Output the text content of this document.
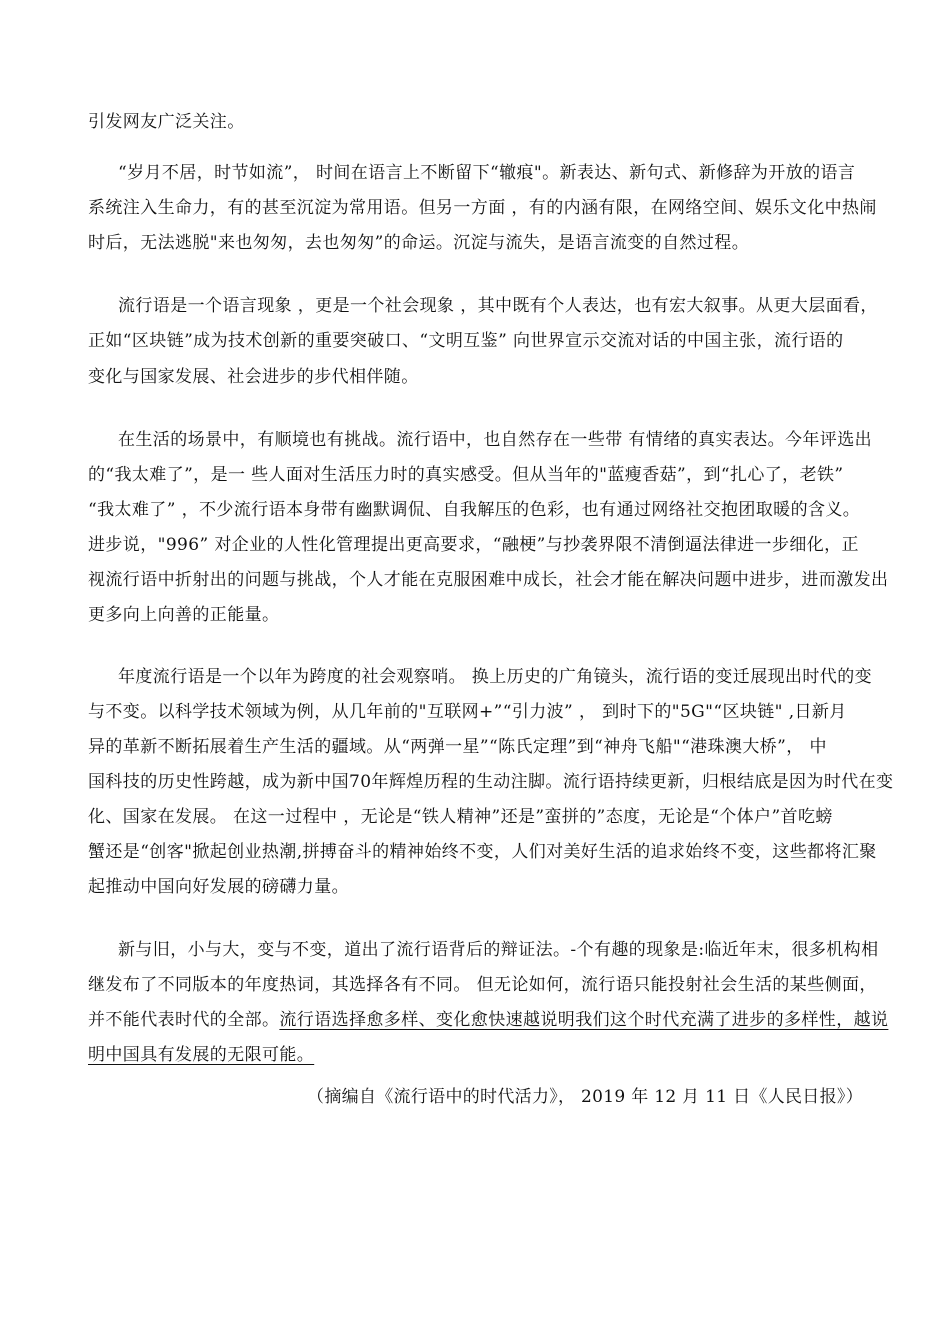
引发网友广泛关注。
“岁月不居，时节如流”， 时间在语言上不断留下“辙痕"。新表达、新句式、新修辞为开放的语言
系统注入生命力，有的甚至沉淀为常用语。但另一方面 ，有的内涵有限，在网络空间、娱乐文化中热闹
时后，无法逃脱"来也匆匆，去也匆匆”的命运。沉淀与流失，是语言流变的自然过程。
流行语是一个语言现象 ，更是一个社会现象 ，其中既有个人表达，也有宏大叙事。从更大层面看，
正如“区块链”成为技术创新的重要突破口、“文明互鉴” 向世界宣示交流对话的中国主张，流行语的
变化与国家发展、社会进步的步代相伴随。
在生活的场景中，有顺境也有挑战。流行语中，也自然存在一些带 有情绪的真实表达。今年评选出
的“我太难了”，是一 些人面对生活压力时的真实感受。但从当年的"蓝瘦香菇”，到“扎心了，老铁”
“我太难了” ，不少流行语本身带有幽默调侃、自我解压的色彩，也有通过网络社交抱团取暖的含义。
进步说，"996” 对企业的人性化管理提出更高要求，“融梗”与抄袭界限不清倒逼法律进一步细化，正
视流行语中折射出的问题与挑战，个人才能在克服困难中成长，社会才能在解决问题中进步，进而激发出
更多向上向善的正能量。
年度流行语是一个以年为跨度的社会观察哨。 换上历史的广角镜头，流行语的变迁展现出时代的变
与不变。以科学技术领域为例，从几年前的"互联网+”“引力波” ， 到时下的"5G"“区块链" ,日新月
异的革新不断拓展着生产生活的疆域。从“两弹一星”“陈氏定理”到“神舟飞船"“港珠澳大桥”， 中
国科技的历史性跨越，成为新中国70年辉煌历程的生动注脚。流行语持续更新，归根结底是因为时代在变
化、国家在发展。 在这一过程中 ，无论是“铁人精神”还是”蛮拼的”态度，无论是“个体户”首吃螃
蟹还是“创客"掀起创业热潮,拼搏奋斗的精神始终不变，人们对美好生活的追求始终不变，这些都将汇聚
起推动中国向好发展的磅礴力量。
新与旧，小与大，变与不变，道出了流行语背后的辩证法。-个有趣的现象是:临近年末，很多机构相
继发布了不同版本的年度热词，其选择各有不同。 但无论如何，流行语只能投射社会生活的某些侧面，
并不能代表时代的全部。流行语选择愈多样、变化愈快速越说明我们这个时代充满了进步的多样性，越说
明中国具有发展的无限可能。
（摘编自《流行语中的时代活力》， 2019 年 12 月 11 日《人民日报》）
